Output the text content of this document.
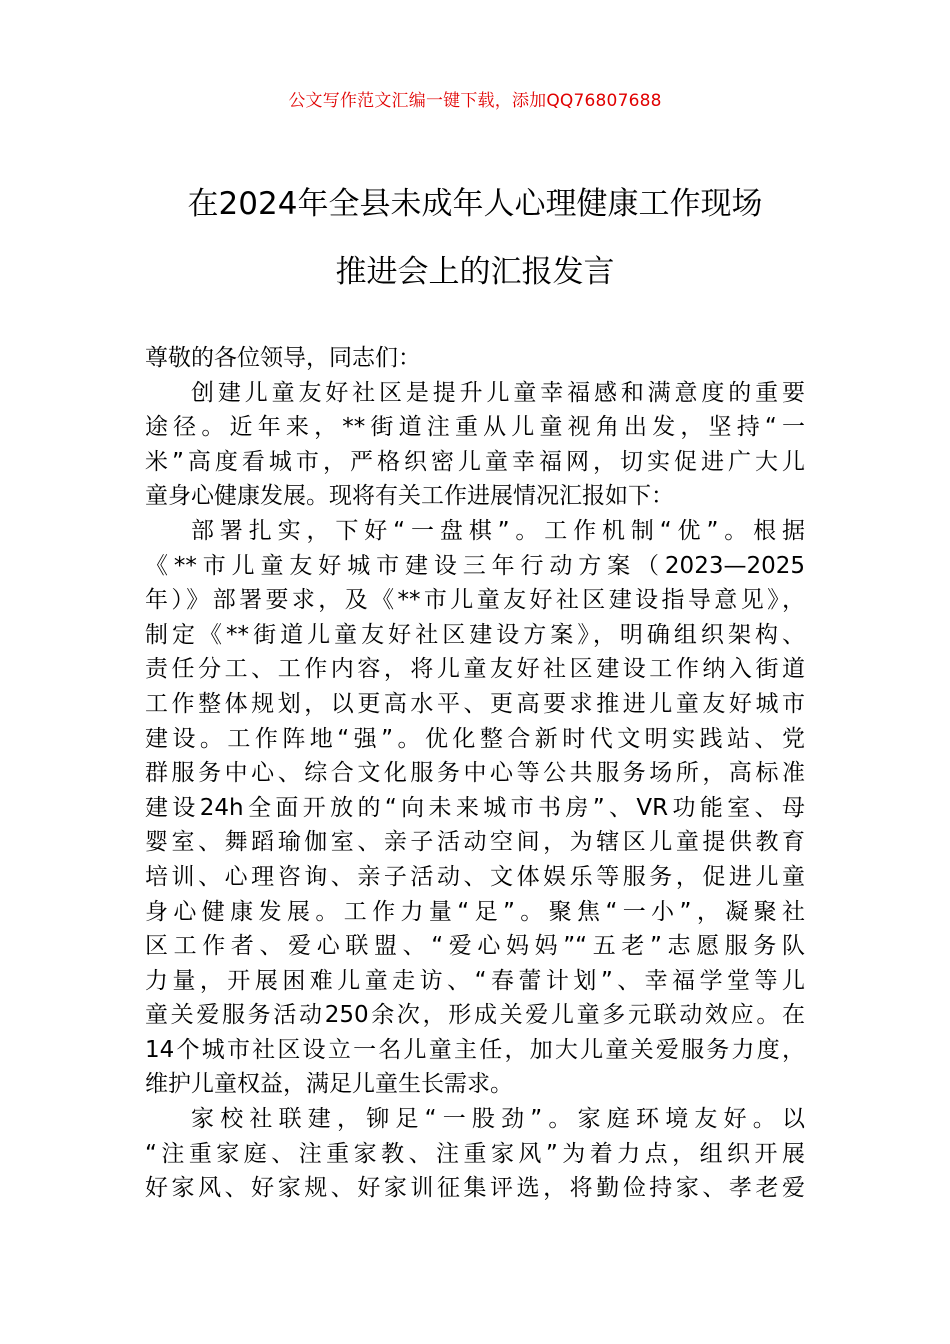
公文写作范文汇编一键下载，添加QQ76807688
在2024年全县未成年人心理健康工作现场
推进会上的汇报发言
尊敬的各位领导，同志们：
创建儿童友好社区是提升儿童幸福感和满意度的重要
途径。近年来，**街道注重从儿童视角出发，坚持“一
米”高度看城市，严格织密儿童幸福网，切实促进广大儿
童身心健康发展。现将有关工作进展情况汇报如下：
部署扎实，下好“一盘棋”。工作机制“优”。根据
《**市儿童友好城市建设三年行动方案（2023—2025
年）》部署要求，及《**市儿童友好社区建设指导意见》，
制定《**街道儿童友好社区建设方案》，明确组织架构、
责任分工、工作内容，将儿童友好社区建设工作纳入街道
工作整体规划，以更高水平、更高要求推进儿童友好城市
建设。工作阵地“强”。优化整合新时代文明实践站、党
群服务中心、综合文化服务中心等公共服务场所，高标准
建设24h全面开放的“向未来城市书房”、VR功能室、母
婴室、舞蹈瑜伽室、亲子活动空间，为辖区儿童提供教育
培训、心理咨询、亲子活动、文体娱乐等服务，促进儿童
身心健康发展。工作力量“足”。聚焦“一小”，凝聚社
区工作者、爱心联盟、“爱心妈妈”“五老”志愿服务队
力量，开展困难儿童走访、“春蕾计划”、幸福学堂等儿
童关爱服务活动250余次，形成关爱儿童多元联动效应。在
14个城市社区设立一名儿童主任，加大儿童关爱服务力度，
维护儿童权益，满足儿童生长需求。
家校社联建，铆足“一股劲”。家庭环境友好。以
“注重家庭、注重家教、注重家风”为着力点，组织开展
好家风、好家规、好家训征集评选，将勤俭持家、孝老爱
